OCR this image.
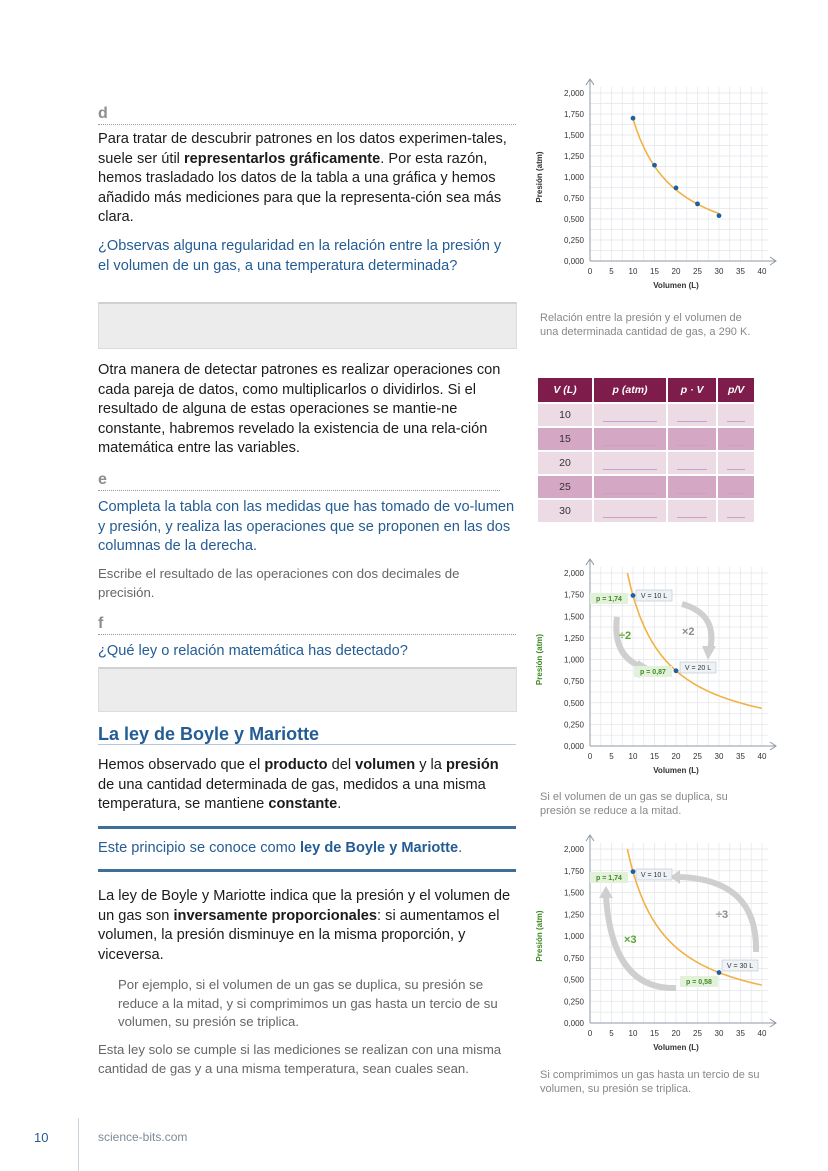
d

Para tratar de descubrir patrones en los datos experimen-tales, suele ser útil representarlos gráficamente. Por esta razón, hemos trasladado los datos de la tabla a una gráfica y hemos añadido más mediciones para que la representa-ción sea más clara.

¿Observas alguna regularidad en la relación entre la presión y el volumen de un gas, a una temperatura determinada?

Otra manera de detectar patrones es realizar operaciones con cada pareja de datos, como multiplicarlos o dividirlos. Si el resultado de alguna de estas operaciones se mantie-ne constante, habremos revelado la existencia de una rela-ción matemática entre las variables.

e

Completa la tabla con las medidas que has tomado de vo-lumen y presión, y realiza las operaciones que se proponen en las dos columnas de la derecha.

Escribe el resultado de las operaciones con dos decimales de precisión.

f

¿Qué ley o relación matemática has detectado?

La ley de Boyle y Mariotte

Hemos observado que el producto del volumen y la presión de una cantidad determinada de gas, medidos a una misma temperatura, se mantiene constante.

Este principio se conoce como ley de Boyle y Mariotte.

La ley de Boyle y Mariotte indica que la presión y el volumen de un gas son inversamente proporcionales: si aumentamos el volumen, la presión disminuye en la misma proporción, y viceversa.

Por ejemplo, si el volumen de un gas se duplica, su presión se reduce a la mitad, y si comprimimos un gas hasta un tercio de su volumen, su presión se triplica.

Esta ley solo se cumple si las mediciones se realizan con una misma cantidad de gas y a una misma temperatura, sean cuales sean.

10	science-bits.com
0,000
0,250
0,500
0,750
1,000
1,250
1,500
1,750
2,000
0 5 10 15 20 25 30 35 40
Presión (atm)
Volumen (L)
Relación entre la presión y el volumen de una determinada cantidad de gas, a 290 K.
V (L)	p (atm)	p · V	p/V
10	

15	

20	

25	

30	

0,000
0,250
0,500
0,750
1,000
1,250
1,500
1,750
2,000
0 5 10 15 20 25 30 35 40
÷2	×2
p = 1,74	V = 10 L
p = 0,87
V = 20 L
Presión (atm)
Volumen (L)
Si el volumen de un gas se duplica, su presión se reduce a la mitad.
0,000
0,250
0,500
0,750
1,000
1,250
1,500
1,750
2,000
0 5 10 15 20 25 30 35 40
÷3
×3
p = 1,74	V = 10 L
p = 0,58
V = 30 L
Presión (atm)
Volumen (L)
Si comprimimos un gas hasta un tercio de su volumen, su presión se triplica.
